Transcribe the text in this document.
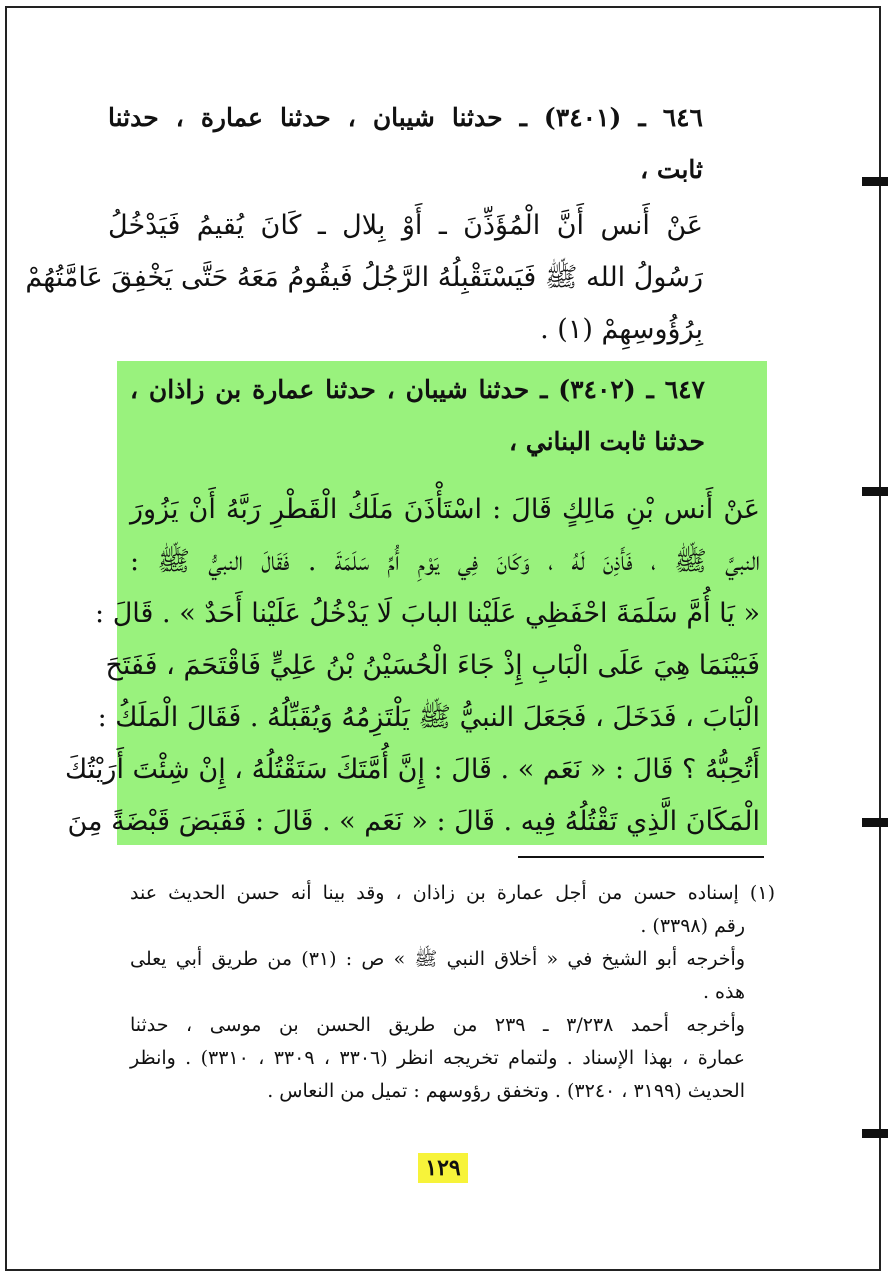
٦٤٦ ـ (٣٤٠١) ـ حدثنا شيبان ، حدثنا عمارة ، حدثنا
ثابت ،
عَنْ أَنس أَنَّ الْمُؤَذِّنَ ـ أَوْ بِلال ـ كَانَ يُقيمُ فَيَدْخُلُ
رَسُولُ الله ﷺ فَيَسْتَقْبِلُهُ الرَّجُلُ فَيقُومُ مَعَهُ حَتَّى يَخْفِقَ عَامَّتُهُمْ
بِرُؤُوسِهِمْ (١) .
٦٤٧ ـ (٣٤٠٢) ـ حدثنا شيبان ، حدثنا عمارة بن زاذان ،
حدثنا ثابت البناني ،
عَنْ أَنس بْنِ مَالِكٍ قَالَ : اسْتَأْذَنَ مَلَكُ الْقَطْرِ رَبَّهُ أَنْ يَزُورَ
النبيَّ ﷺ ، فَأَذِنَ لَهُ ، وَكَانَ فِي يَوْمِ أُمِّ سَلَمَةَ . فَقَالَ النبيُّ ﷺ :
« يَا أُمَّ سَلَمَةَ احْفَظِي عَلَيْنا البابَ لَا يَدْخُلُ عَلَيْنا أَحَدٌ » . قَالَ :
فَبَيْنَمَا هِيَ عَلَى الْبَابِ إِذْ جَاءَ الْحُسَيْنُ بْنُ عَلِيٍّ فَاقْتَحَمَ ، فَفَتَحَ
الْبَابَ ، فَدَخَلَ ، فَجَعَلَ النبيُّ ﷺ يَلْتَزِمُهُ وَيُقَبِّلُهُ . فَقَالَ الْمَلَكُ :
أَتُحِبُّهُ ؟ قَالَ : « نَعَم » . قَالَ : إِنَّ أُمَّتَكَ سَتَقْتُلُهُ ، إِنْ شِئْتَ أَرَيْتُكَ
الْمَكَانَ الَّذِي تَقْتُلُهُ فِيه . قَالَ : « نَعَم » . قَالَ : فَقَبَضَ قَبْضَةً مِنَ
(١) إسناده حسن من أجل عمارة بن زاذان ، وقد بينا أنه حسن الحديث عند
رقم (٣٣٩٨) .
وأخرجه أبو الشيخ في « أخلاق النبي ﷺ » ص : (٣١) من طريق أبي يعلى
هذه .
وأخرجه أحمد ٣/٢٣٨ ـ ٢٣٩ من طريق الحسن بن موسى ، حدثنا
عمارة ، بهذا الإسناد . ولتمام تخريجه انظر (٣٣٠٦ ، ٣٣٠٩ ، ٣٣١٠) . وانظر
الحديث (٣١٩٩ ، ٣٢٤٠) . وتخفق رؤوسهم : تميل من النعاس .
١٢٩
